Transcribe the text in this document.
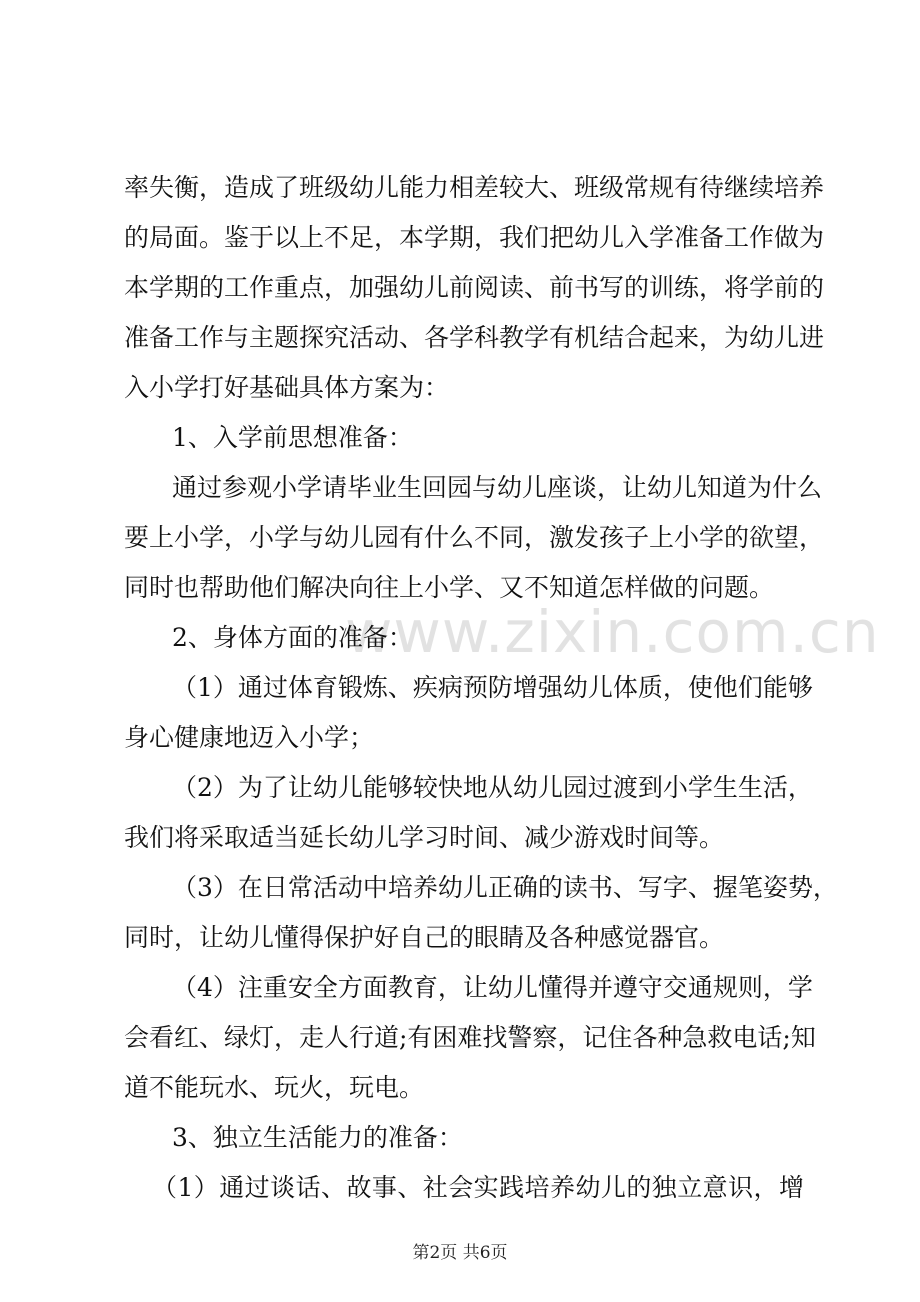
www.zixin.com.cn
率失衡，造成了班级幼儿能力相差较大、班级常规有待继续培养
的局面。鉴于以上不足，本学期，我们把幼儿入学准备工作做为
本学期的工作重点，加强幼儿前阅读、前书写的训练，将学前的
准备工作与主题探究活动、各学科教学有机结合起来，为幼儿进
入小学打好基础具体方案为：
1、入学前思想准备：
通过参观小学请毕业生回园与幼儿座谈，让幼儿知道为什么
要上小学，小学与幼儿园有什么不同，激发孩子上小学的欲望，
同时也帮助他们解决向往上小学、又不知道怎样做的问题。
2、身体方面的准备：
（1）通过体育锻炼、疾病预防增强幼儿体质，使他们能够
身心健康地迈入小学；
（2）为了让幼儿能够较快地从幼儿园过渡到小学生生活，
我们将采取适当延长幼儿学习时间、减少游戏时间等。
（3）在日常活动中培养幼儿正确的读书、写字、握笔姿势，
同时，让幼儿懂得保护好自己的眼睛及各种感觉器官。
（4）注重安全方面教育，让幼儿懂得并遵守交通规则，学
会看红、绿灯，走人行道;有困难找警察，记住各种急救电话;知
道不能玩水、玩火，玩电。
3、独立生活能力的准备：
（1）通过谈话、故事、社会实践培养幼儿的独立意识，增
第2页 共6页
